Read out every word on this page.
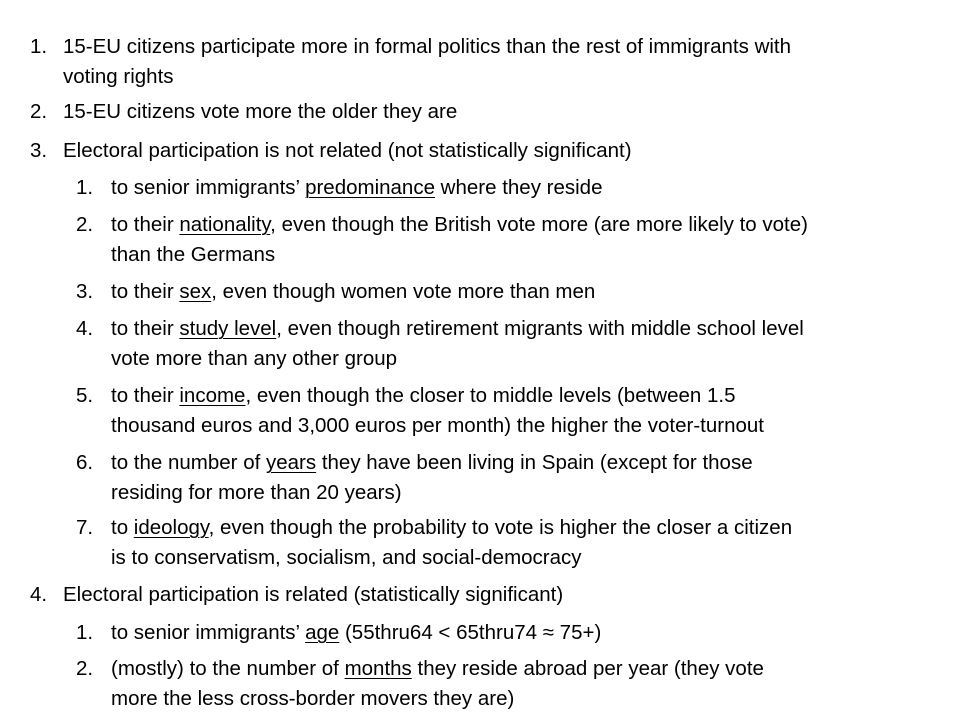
1. 15-EU citizens participate more in formal politics than the rest of immigrants with
voting rights
2. 15-EU citizens vote more the older they are
3. Electoral participation is not related (not statistically significant)
1. to senior immigrants’ predominance where they reside
2. to their nationality, even though the British vote more (are more likely to vote)
than the Germans
3. to their sex, even though women vote more than men
4. to their study level, even though retirement migrants with middle school level
vote more than any other group
5. to their income, even though the closer to middle levels (between 1.5
thousand euros and 3,000 euros per month) the higher the voter-turnout
6. to the number of years they have been living in Spain (except for those
residing for more than 20 years)
7. to ideology, even though the probability to vote is higher the closer a citizen
is to conservatism, socialism, and social-democracy
4. Electoral participation is related (statistically significant)
1. to senior immigrants’ age (55thru64 < 65thru74 ≈ 75+)
2. (mostly) to the number of months they reside abroad per year (they vote
more the less cross-border movers they are)
